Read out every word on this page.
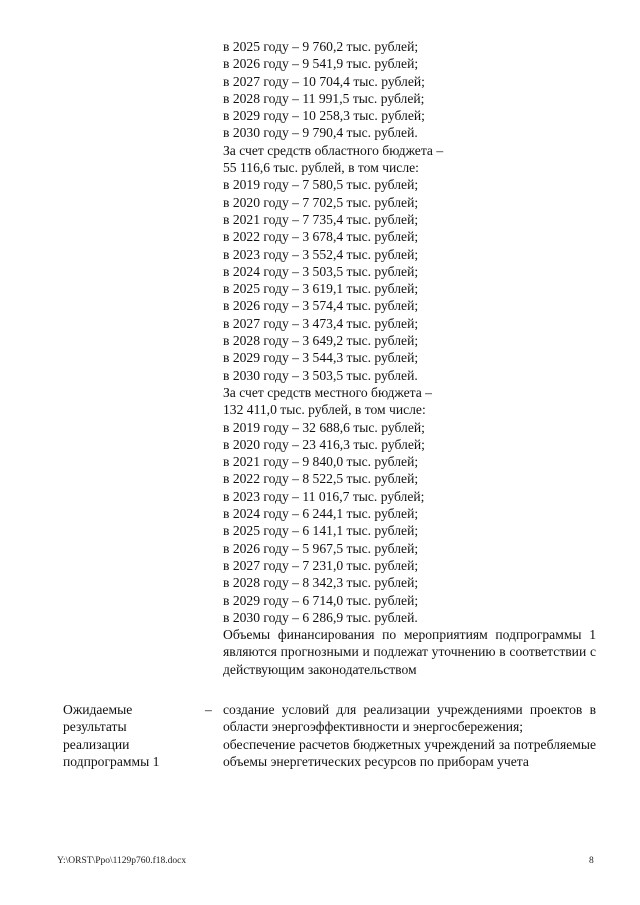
в 2025 году – 9 760,2 тыс. рублей;
в 2026 году – 9 541,9 тыс. рублей;
в 2027 году – 10 704,4 тыс. рублей;
в 2028 году – 11 991,5 тыс. рублей;
в 2029 году – 10 258,3 тыс. рублей;
в 2030 году – 9 790,4 тыс. рублей.
За счет средств областного бюджета –
55 116,6 тыс. рублей, в том числе:
в 2019 году – 7 580,5 тыс. рублей;
в 2020 году – 7 702,5 тыс. рублей;
в 2021 году – 7 735,4 тыс. рублей;
в 2022 году – 3 678,4 тыс. рублей;
в 2023 году – 3 552,4 тыс. рублей;
в 2024 году – 3 503,5 тыс. рублей;
в 2025 году – 3 619,1 тыс. рублей;
в 2026 году – 3 574,4 тыс. рублей;
в 2027 году – 3 473,4 тыс. рублей;
в 2028 году – 3 649,2 тыс. рублей;
в 2029 году – 3 544,3 тыс. рублей;
в 2030 году – 3 503,5 тыс. рублей.
За счет средств местного бюджета –
132 411,0 тыс. рублей, в том числе:
в 2019 году – 32 688,6 тыс. рублей;
в 2020 году – 23 416,3 тыс. рублей;
в 2021 году – 9 840,0 тыс. рублей;
в 2022 году – 8 522,5 тыс. рублей;
в 2023 году – 11 016,7 тыс. рублей;
в 2024 году – 6 244,1 тыс. рублей;
в 2025 году – 6 141,1 тыс. рублей;
в 2026 году – 5 967,5 тыс. рублей;
в 2027 году – 7 231,0 тыс. рублей;
в 2028 году – 8 342,3 тыс. рублей;
в 2029 году – 6 714,0 тыс. рублей;
в 2030 году – 6 286,9 тыс. рублей.
Объемы финансирования по мероприятиям подпрограммы 1 являются прогнозными и подлежат уточнению в соответствии с действующим законодательством
Ожидаемые результаты реализации подпрограммы 1
– создание условий для реализации учреждениями проектов в области энергоэффективности и энергосбережения;

обеспечение расчетов бюджетных учреждений за потребляемые объемы энергетических ресурсов по приборам учета

Y:\ORST\Ppo\1129p760.f18.docx	8
